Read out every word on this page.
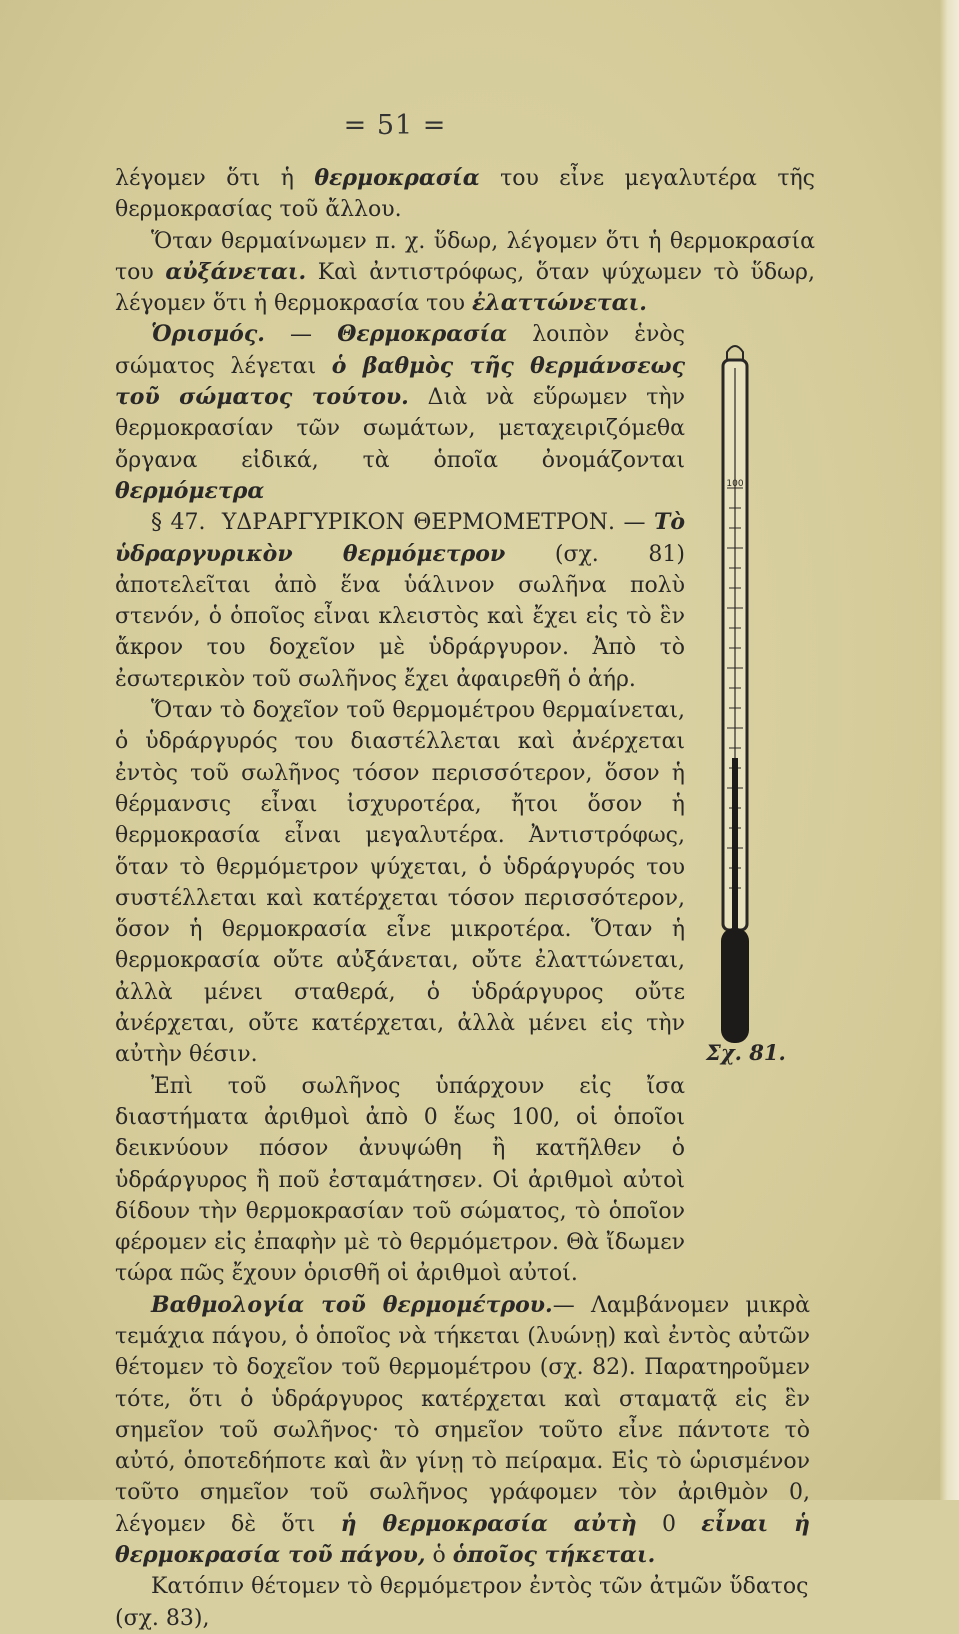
= 51 =

λέγομεν ὅτι ἡ θερμοκρασία του εἶνε μεγαλυτέρα τῆς θερμοκρασίας τοῦ ἄλλου.

Ὅταν θερμαίνωμεν π. χ. ὕδωρ, λέγομεν ὅτι ἡ θερμοκρασία του αὐξάνεται. Καὶ ἀντιστρόφως, ὅταν ψύχωμεν τὸ ὕδωρ, λέγομεν ὅτι ἡ θερμοκρασία του ἐλαττώνεται.

Ὁρισμός. — Θερμοκρασία λοιπὸν ἑνὸς σώματος λέγεται ὁ βαθμὸς τῆς θερμάνσεως τοῦ σώματος τούτου. Διὰ νὰ εὕρωμεν τὴν θερμοκρασίαν τῶν σωμάτων, μεταχειριζόμεθα ὄργανα εἰδικά, τὰ ὁποῖα ὀνομάζονται θερμόμετρα

§ 47. ΥΔΡΑΡΓΥΡΙΚΟΝ ΘΕΡΜΟΜΕΤΡΟΝ. — Τὸ ὑδραργυρικὸν θερμόμετρον (σχ. 81) ἀποτελεῖται ἀπὸ ἕνα ὑάλινον σωλῆνα πολὺ στενόν, ὁ ὁποῖος εἶναι κλειστὸς καὶ ἔχει εἰς τὸ ἓν ἄκρον του δοχεῖον μὲ ὑδράργυρον. Ἀπὸ τὸ ἐσωτερικὸν τοῦ σωλῆνος ἔχει ἀφαιρεθῆ ὁ ἀήρ.

Ὅταν τὸ δοχεῖον τοῦ θερμομέτρου θερμαίνεται, ὁ ὑδράργυρός του διαστέλλεται καὶ ἀνέρχεται ἐντὸς τοῦ σωλῆνος τόσον περισσότερον, ὅσον ἡ θέρμανσις εἶναι ἰσχυροτέρα, ἤτοι ὅσον ἡ θερμοκρασία εἶναι μεγαλυτέρα. Ἀντιστρόφως, ὅταν τὸ θερμόμετρον ψύχεται, ὁ ὑδράργυρός του συστέλλεται καὶ κατέρχεται τόσον περισσότερον, ὅσον ἡ θερμοκρασία εἶνε μικροτέρα. Ὅταν ἡ θερμοκρασία οὔτε αὐξάνεται, οὔτε ἐλαττώνεται, ἀλλὰ μένει σταθερά, ὁ ὑδράργυρος οὔτε ἀνέρχεται, οὔτε κατέρχεται, ἀλλὰ μένει εἰς τὴν αὐτὴν θέσιν.

Ἐπὶ τοῦ σωλῆνος ὑπάρχουν εἰς ἴσα διαστήματα ἀριθμοὶ ἀπὸ 0 ἕως 100, οἱ ὁποῖοι δεικνύουν πόσον ἀνυψώθη ἢ κατῆλθεν ὁ ὑδράργυρος ἢ ποῦ ἐσταμάτησεν. Οἱ ἀριθμοὶ αὐτοὶ δίδουν τὴν θερμοκρασίαν τοῦ σώματος, τὸ ὁποῖον φέρομεν εἰς ἐπαφὴν μὲ τὸ θερμόμετρον. Θὰ ἴδωμεν τώρα πῶς ἔχουν ὁρισθῆ οἱ ἀριθμοὶ αὐτοί.

Βαθμολογία τοῦ θερμομέτρου.— Λαμβάνομεν μικρὰ τεμάχια πάγου, ὁ ὁποῖος νὰ τήκεται (λυώνῃ) καὶ ἐντὸς αὐτῶν θέτομεν τὸ δοχεῖον τοῦ θερμομέτρου (σχ. 82). Παρατηροῦμεν τότε, ὅτι ὁ ὑδράργυρος κατέρχεται καὶ σταματᾷ εἰς ἓν σημεῖον τοῦ σωλῆνος· τὸ σημεῖον τοῦτο εἶνε πάντοτε τὸ αὐτό, ὁποτεδήποτε καὶ ἂν γίνῃ τὸ πείραμα. Εἰς τὸ ὡρισμένον τοῦτο σημεῖον τοῦ σωλῆνος γράφομεν τὸν ἀριθμὸν 0, λέγομεν δὲ ὅτι ἡ θερμοκρασία αὐτὴ 0 εἶναι ἡ θερμοκρασία τοῦ πάγου, ὁ ὁποῖος τήκεται.

Κατόπιν θέτομεν τὸ θερμόμετρον ἐντὸς τῶν ἀτμῶν ὕδατος (σχ. 83),

100
Σχ. 81.
